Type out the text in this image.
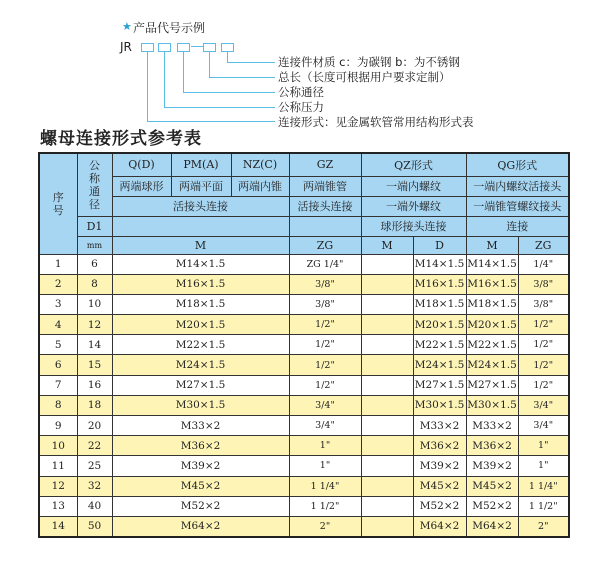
★ 产品代号示例
JR
连接件材质 c：为碳钢 b：为不锈钢
总长（长度可根据用户要求定制）
公称通径
公称压力
连接形式：见金属软管常用结构形式表
螺母连接形式参考表
序号	公称通径	Q(D)	PM(A)	NZ(C)	GZ	QZ形式		QG形式	
		两端球形	两端平面	两端内锥	两端锥管	一端内螺纹		一端内螺纹活接头	
		活接头连接			活接头连接	一端外螺纹		一端锥管螺纹接头	
	D1					球形接头连接		连接	
	mm	M			ZG	M	D	M	ZG
1	6	M14×1.5			ZG 1/4"		M14×1.5	M14×1.5	1/4"
2	8	M16×1.5			3/8"		M16×1.5	M16×1.5	3/8"
3	10	M18×1.5			3/8"		M18×1.5	M18×1.5	3/8"
4	12	M20×1.5			1/2"		M20×1.5	M20×1.5	1/2"
5	14	M22×1.5			1/2"		M22×1.5	M22×1.5	1/2"
6	15	M24×1.5			1/2"		M24×1.5	M24×1.5	1/2"
7	16	M27×1.5			1/2"		M27×1.5	M27×1.5	1/2"
8	18	M30×1.5			3/4"		M30×1.5	M30×1.5	3/4"
9	20	M33×2			3/4"		M33×2	M33×2	3/4"
10	22	M36×2			1"		M36×2	M36×2	1"
11	25	M39×2			1"		M39×2	M39×2	1"
12	32	M45×2			1 1/4"		M45×2	M45×2	1 1/4"
13	40	M52×2			1 1/2"		M52×2	M52×2	1 1/2"
14	50	M64×2			2"		M64×2	M64×2	2"
